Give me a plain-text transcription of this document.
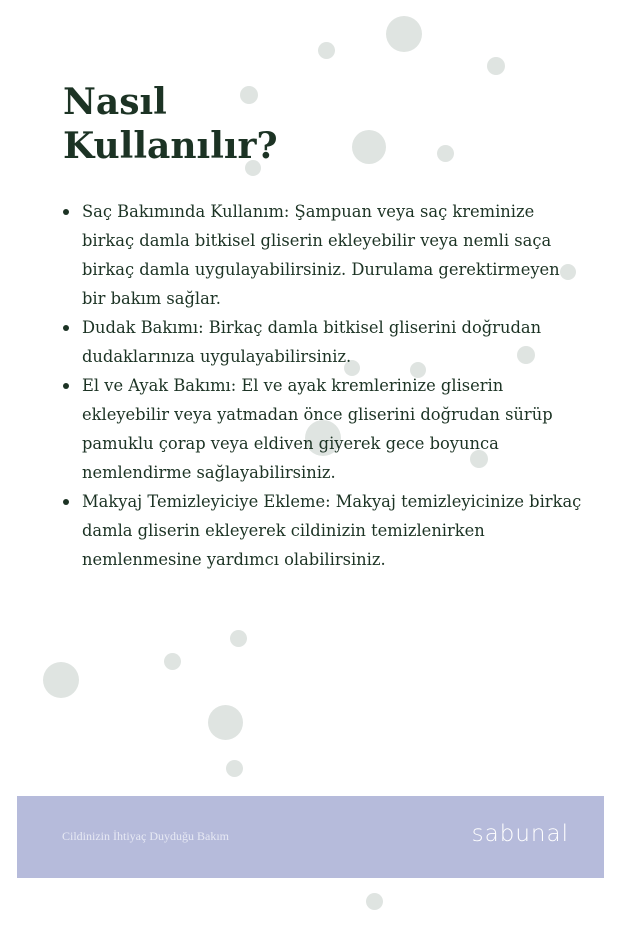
Nasıl
Kullanılır?
Saç Bakımında Kullanım: Şampuan veya saç kreminize birkaç damla bitkisel gliserin ekleyebilir veya nemli saça birkaç damla uygulayabilirsiniz. Durulama gerektirmeyen bir bakım sağlar.
Dudak Bakımı: Birkaç damla bitkisel gliserini doğrudan dudaklarınıza uygulayabilirsiniz.
El ve Ayak Bakımı: El ve ayak kremlerinize gliserin ekleyebilir veya yatmadan önce gliserini doğrudan sürüp pamuklu çorap veya eldiven giyerek gece boyunca nemlendirme sağlayabilirsiniz.
Makyaj Temizleyiciye Ekleme: Makyaj temizleyicinize birkaç damla gliserin ekleyerek cildinizin temizlenirken nemlenmesine yardımcı olabilirsiniz.
Cildinizin İhtiyaç Duyduğu Bakım	sabunal
